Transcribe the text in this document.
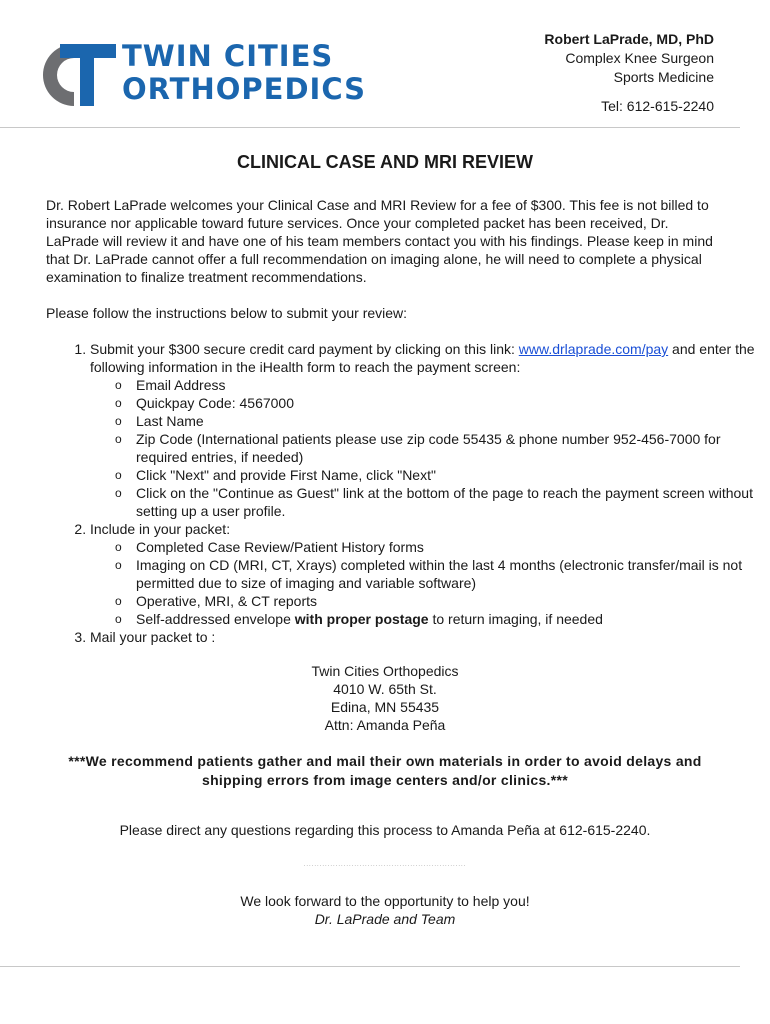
TWIN CITIES
ORTHOPEDICS
Robert LaPrade, MD, PhD
Complex Knee Surgeon
Sports Medicine
Tel: 612-615-2240
CLINICAL CASE AND MRI REVIEW
Dr. Robert LaPrade welcomes your Clinical Case and MRI Review for a fee of $300. This fee is not billed to insurance nor applicable toward future services. Once your completed packet has been received, Dr. LaPrade will review it and have one of his team members contact you with his findings. Please keep in mind that Dr. LaPrade cannot offer a full recommendation on imaging alone, he will need to complete a physical examination to finalize treatment recommendations.
Please follow the instructions below to submit your review:
1. Submit your $300 secure credit card payment by clicking on this link: www.drlaprade.com/pay and enter the following information in the iHealth form to reach the payment screen:
o Email Address
o Quickpay Code: 4567000
o Last Name
o Zip Code (International patients please use zip code 55435 & phone number 952-456-7000 for required entries, if needed)
o Click "Next" and provide First Name, click "Next"
o Click on the "Continue as Guest" link at the bottom of the page to reach the payment screen without setting up a user profile.
2. Include in your packet:
o Completed Case Review/Patient History forms
o Imaging on CD (MRI, CT, Xrays) completed within the last 4 months (electronic transfer/mail is not permitted due to size of imaging and variable software)
o Operative, MRI, & CT reports
o Self-addressed envelope with proper postage to return imaging, if needed
3. Mail your packet to :
Twin Cities Orthopedics
4010 W. 65th St.
Edina, MN 55435
Attn: Amanda Peña
***We recommend patients gather and mail their own materials in order to avoid delays and shipping errors from image centers and/or clinics.***
Please direct any questions regarding this process to Amanda Peña at 612-615-2240.
.............................................................
We look forward to the opportunity to help you!
Dr. LaPrade and Team
